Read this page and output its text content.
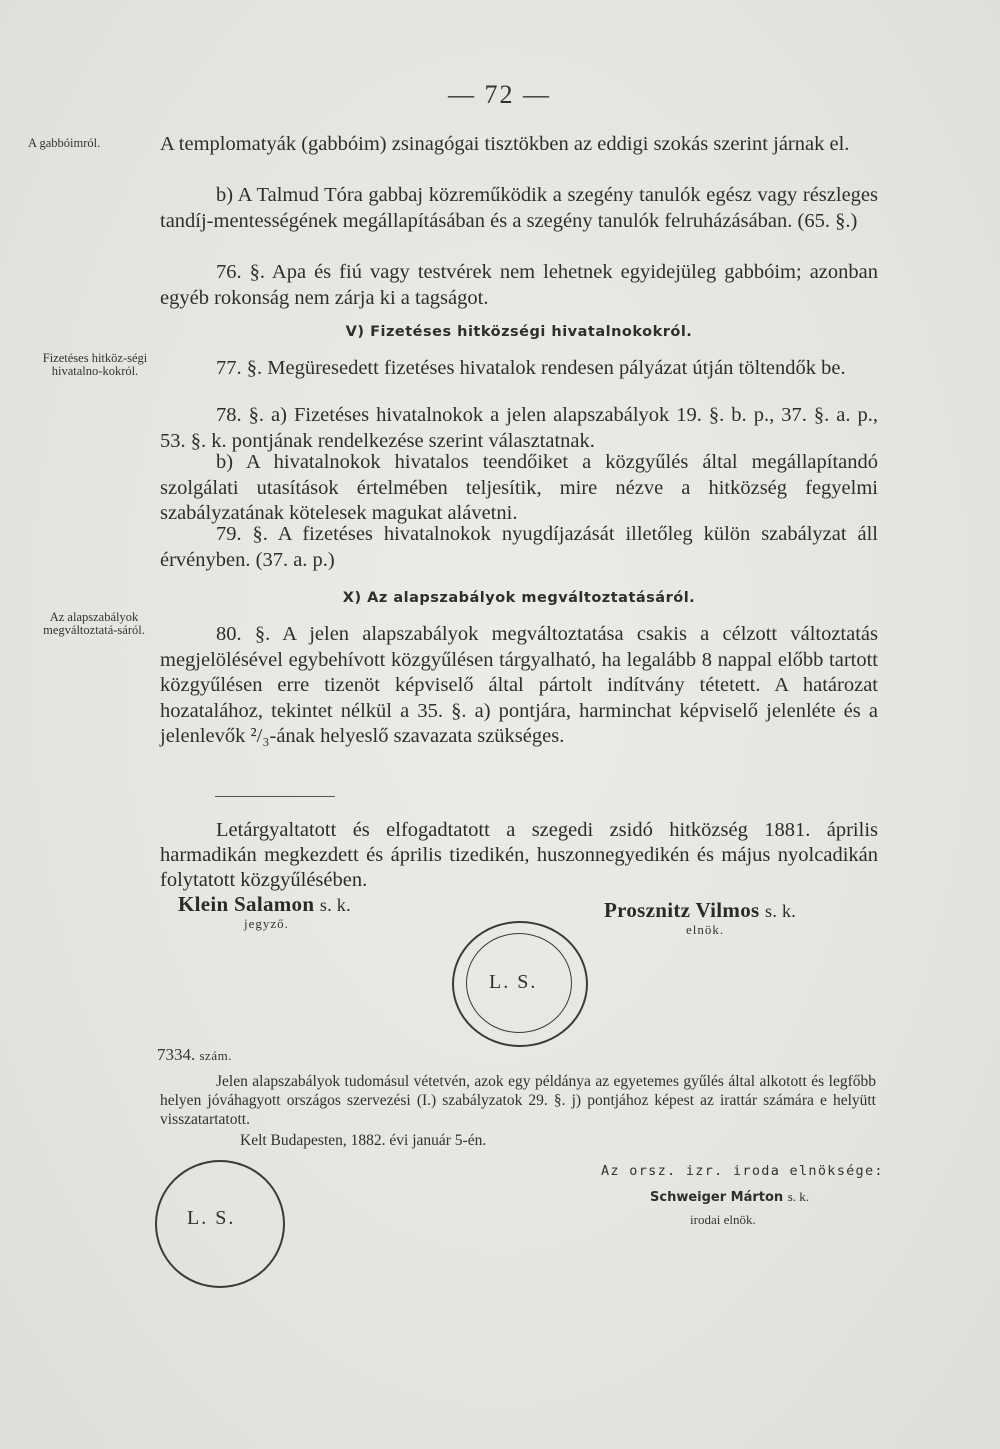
— 72 —
A gabbóimról.
Fizetéses hitköz-ségi hivatalno-kokról.
Az alapszabályok megváltoztatá-sáról.
A templomatyák (gabbóim) zsinagógai tisztökben az eddigi szokás szerint járnak el.
b) A Talmud Tóra gabbaj közreműködik a szegény tanulók egész vagy részleges tandíj-mentességének megállapításában és a szegény tanulók felruházásában. (65. §.)
76. §. Apa és fiú vagy testvérek nem lehetnek egyidejüleg gabbóim; azonban egyéb rokonság nem zárja ki a tagságot.
V) Fizetéses hitközségi hivatalnokokról.
77. §. Megüresedett fizetéses hivatalok rendesen pályázat útján töltendők be.
78. §. a) Fizetéses hivatalnokok a jelen alapszabályok 19. §. b. p., 37. §. a. p., 53. §. k. pontjának rendelkezése szerint választatnak.
b) A hivatalnokok hivatalos teendőiket a közgyűlés által megállapítandó szolgálati utasítások értelmében teljesítik, mire nézve a hitközség fegyelmi szabályzatának kötelesek magukat alávetni.
79. §. A fizetéses hivatalnokok nyugdíjazását illetőleg külön szabályzat áll érvényben. (37. a. p.)
X) Az alapszabályok megváltoztatásáról.
80. §. A jelen alapszabályok megváltoztatása csakis a célzott változtatás megjelölésével egybehívott közgyűlésen tárgyalható, ha legalább 8 nappal előbb tartott közgyűlésen erre tizenöt képviselő által pártolt indítvány tétetett. A határozat hozatalához, tekintet nélkül a 35. §. a) pontjára, harminchat képviselő jelenléte és a jelenlevők ²/₃-ának helyeslő szavazata szükséges.
Letárgyaltatott és elfogadtatott a szegedi zsidó hitközség 1881. április harmadikán megkezdett és április tizedikén, huszonnegyedikén és május nyolcadikán folytatott közgyűlésében.
Klein Salamon s. k.
jegyző.
Prosznitz Vilmos s. k.
elnök.
L. S.
7334. szám.
Jelen alapszabályok tudomásul vétetvén, azok egy példánya az egyetemes gyűlés által alkotott és legfőbb helyen jóváhagyott országos szervezési (I.) szabályzatok 29. §. j) pontjához képest az irattár számára e helyütt visszatartatott.
Kelt Budapesten, 1882. évi január 5-én.
L. S.
Az orsz. izr. iroda elnöksége:
Schweiger Márton s. k.
irodai elnök.
